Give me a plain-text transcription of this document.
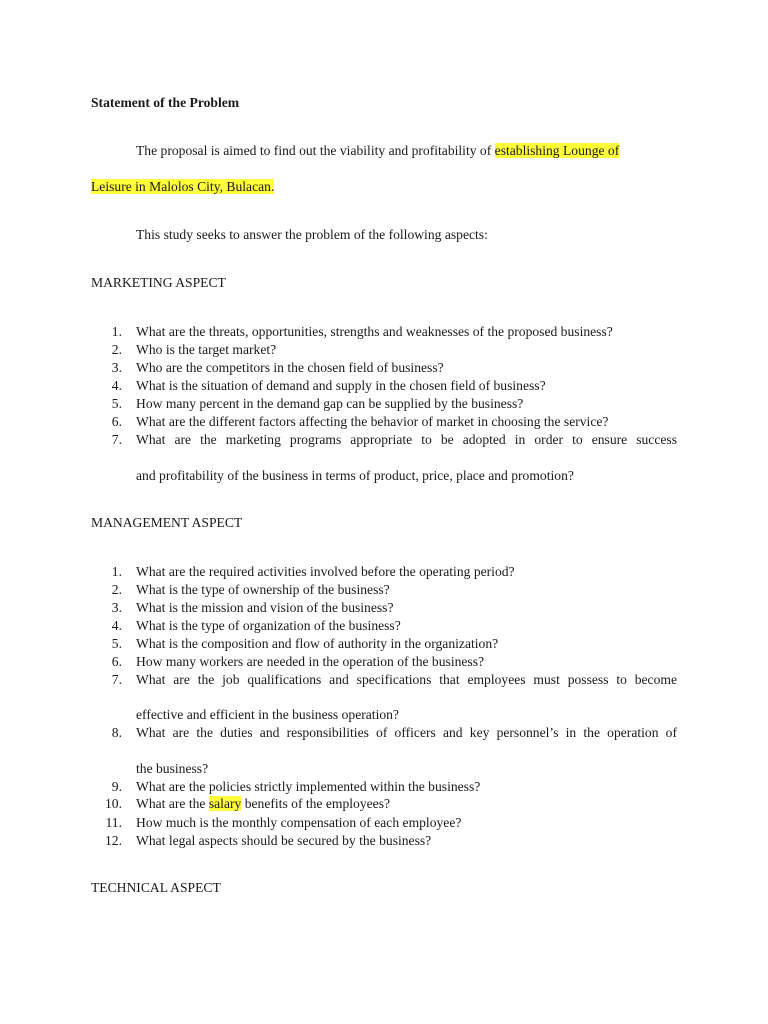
Statement of the Problem
The proposal is aimed to find out the viability and profitability of establishing Lounge of
Leisure in Malolos City, Bulacan.
This study seeks to answer the problem of the following aspects:
MARKETING ASPECT
1. What are the threats, opportunities, strengths and weaknesses of the proposed business?
2. Who is the target market?
3. Who are the competitors in the chosen field of business?
4. What is the situation of demand and supply in the chosen field of business?
5. How many percent in the demand gap can be supplied by the business?
6. What are the different factors affecting the behavior of market in choosing the service?
7. What are the marketing programs appropriate to be adopted in order to ensure success
and profitability of the business in terms of product, price, place and promotion?
MANAGEMENT ASPECT
1. What are the required activities involved before the operating period?
2. What is the type of ownership of the business?
3. What is the mission and vision of the business?
4. What is the type of organization of the business?
5. What is the composition and flow of authority in the organization?
6. How many workers are needed in the operation of the business?
7. What are the job qualifications and specifications that employees must possess to become
effective and efficient in the business operation?
8. What are the duties and responsibilities of officers and key personnel’s in the operation of
the business?
9. What are the policies strictly implemented within the business?
10. What are the salary benefits of the employees?
11. How much is the monthly compensation of each employee?
12. What legal aspects should be secured by the business?
TECHNICAL ASPECT
